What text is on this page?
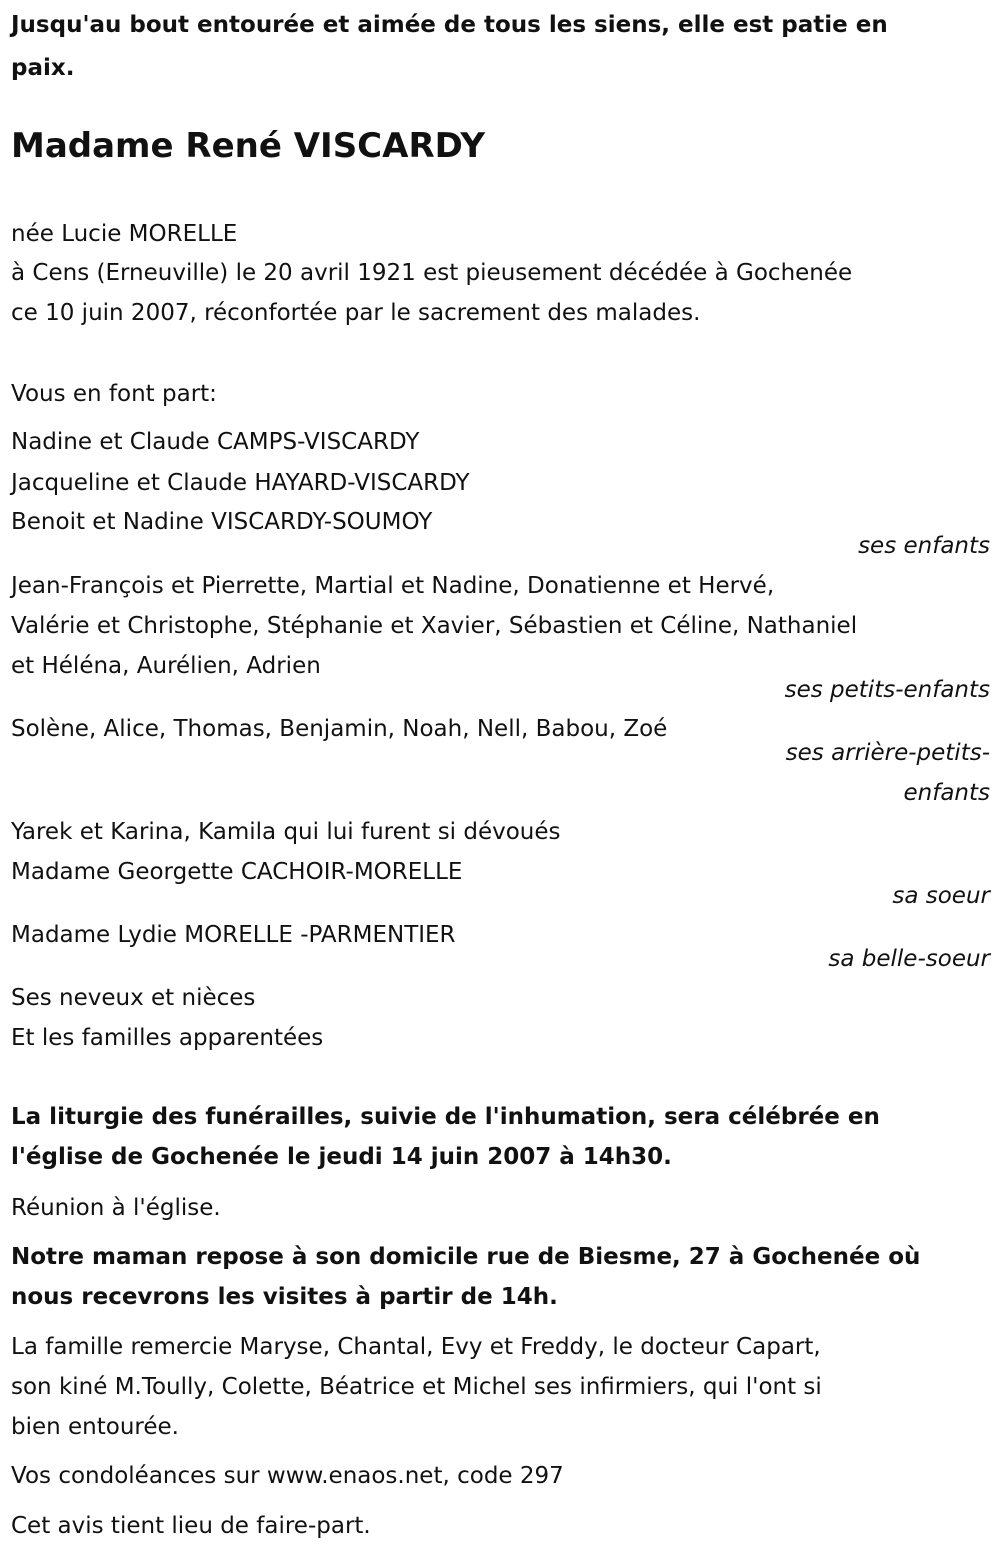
Jusqu'au bout entourée et aimée de tous les siens, elle est patie en
paix.
Madame René VISCARDY
née Lucie MORELLE
à Cens (Erneuville) le 20 avril 1921 est pieusement décédée à Gochenée
ce 10 juin 2007, réconfortée par le sacrement des malades.
Vous en font part:
Nadine et Claude CAMPS-VISCARDY
Jacqueline et Claude HAYARD-VISCARDY
Benoit et Nadine VISCARDY-SOUMOY
ses enfants
Jean-François et Pierrette, Martial et Nadine, Donatienne et Hervé,
Valérie et Christophe, Stéphanie et Xavier, Sébastien et Céline, Nathaniel
et Héléna, Aurélien, Adrien
ses petits-enfants
Solène, Alice, Thomas, Benjamin, Noah, Nell, Babou, Zoé
ses arrière-petits-
enfants
Yarek et Karina, Kamila qui lui furent si dévoués
Madame Georgette CACHOIR-MORELLE
sa soeur
Madame Lydie MORELLE -PARMENTIER
sa belle-soeur
Ses neveux et nièces
Et les familles apparentées
La liturgie des funérailles, suivie de l'inhumation, sera célébrée en
l'église de Gochenée le jeudi 14 juin 2007 à 14h30.
Réunion à l'église.
Notre maman repose à son domicile rue de Biesme, 27 à Gochenée où
nous recevrons les visites à partir de 14h.
La famille remercie Maryse, Chantal, Evy et Freddy, le docteur Capart,
son kiné M.Toully, Colette, Béatrice et Michel ses infirmiers, qui l'ont si
bien entourée.
Vos condoléances sur www.enaos.net, code 297
Cet avis tient lieu de faire-part.
